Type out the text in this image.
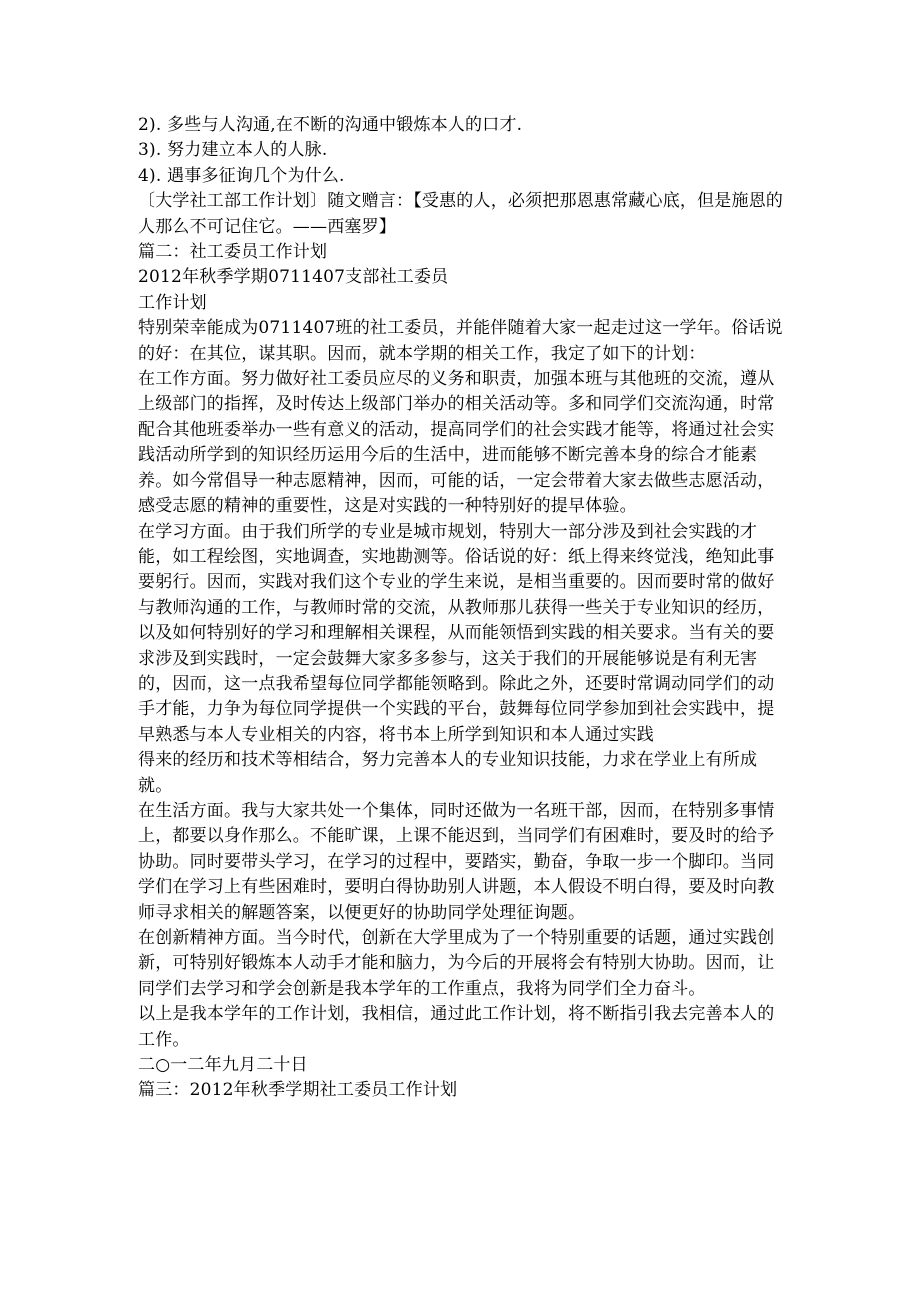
2). 多些与人沟通,在不断的沟通中锻炼本人的口才.

3). 努力建立本人的人脉.

4). 遇事多征询几个为什么.

〔大学社工部工作计划〕随文赠言：【受惠的人，必须把那恩惠常藏心底，但是施恩的人那么不可记住它。——西塞罗】

篇二：社工委员工作计划

2012年秋季学期0711407支部社工委员

工作计划

特别荣幸能成为0711407班的社工委员，并能伴随着大家一起走过这一学年。俗话说的好：在其位，谋其职。因而，就本学期的相关工作，我定了如下的计划：

在工作方面。努力做好社工委员应尽的义务和职责，加强本班与其他班的交流，遵从上级部门的指挥，及时传达上级部门举办的相关活动等。多和同学们交流沟通，时常配合其他班委举办一些有意义的活动，提高同学们的社会实践才能等，将通过社会实践活动所学到的知识经历运用今后的生活中，进而能够不断完善本身的综合才能素养。如今常倡导一种志愿精神，因而，可能的话，一定会带着大家去做些志愿活动，感受志愿的精神的重要性，这是对实践的一种特别好的提早体验。

在学习方面。由于我们所学的专业是城市规划，特别大一部分涉及到社会实践的才能，如工程绘图，实地调查，实地勘测等。俗话说的好：纸上得来终觉浅，绝知此事要躬行。因而，实践对我们这个专业的学生来说，是相当重要的。因而要时常的做好与教师沟通的工作，与教师时常的交流，从教师那儿获得一些关于专业知识的经历，以及如何特别好的学习和理解相关课程，从而能领悟到实践的相关要求。当有关的要求涉及到实践时，一定会鼓舞大家多多参与，这关于我们的开展能够说是有利无害的，因而，这一点我希望每位同学都能领略到。除此之外，还要时常调动同学们的动手才能，力争为每位同学提供一个实践的平台，鼓舞每位同学参加到社会实践中，提早熟悉与本人专业相关的内容，将书本上所学到知识和本人通过实践

得来的经历和技术等相结合，努力完善本人的专业知识技能，力求在学业上有所成就。

在生活方面。我与大家共处一个集体，同时还做为一名班干部，因而，在特别多事情上，都要以身作那么。不能旷课，上课不能迟到，当同学们有困难时，要及时的给予协助。同时要带头学习，在学习的过程中，要踏实，勤奋，争取一步一个脚印。当同学们在学习上有些困难时，要明白得协助别人讲题，本人假设不明白得，要及时向教师寻求相关的解题答案，以便更好的协助同学处理征询题。

在创新精神方面。当今时代，创新在大学里成为了一个特别重要的话题，通过实践创新，可特别好锻炼本人动手才能和脑力，为今后的开展将会有特别大协助。因而，让同学们去学习和学会创新是我本学年的工作重点，我将为同学们全力奋斗。

以上是我本学年的工作计划，我相信，通过此工作计划，将不断指引我去完善本人的工作。

二○一二年九月二十日

篇三：2012年秋季学期社工委员工作计划
